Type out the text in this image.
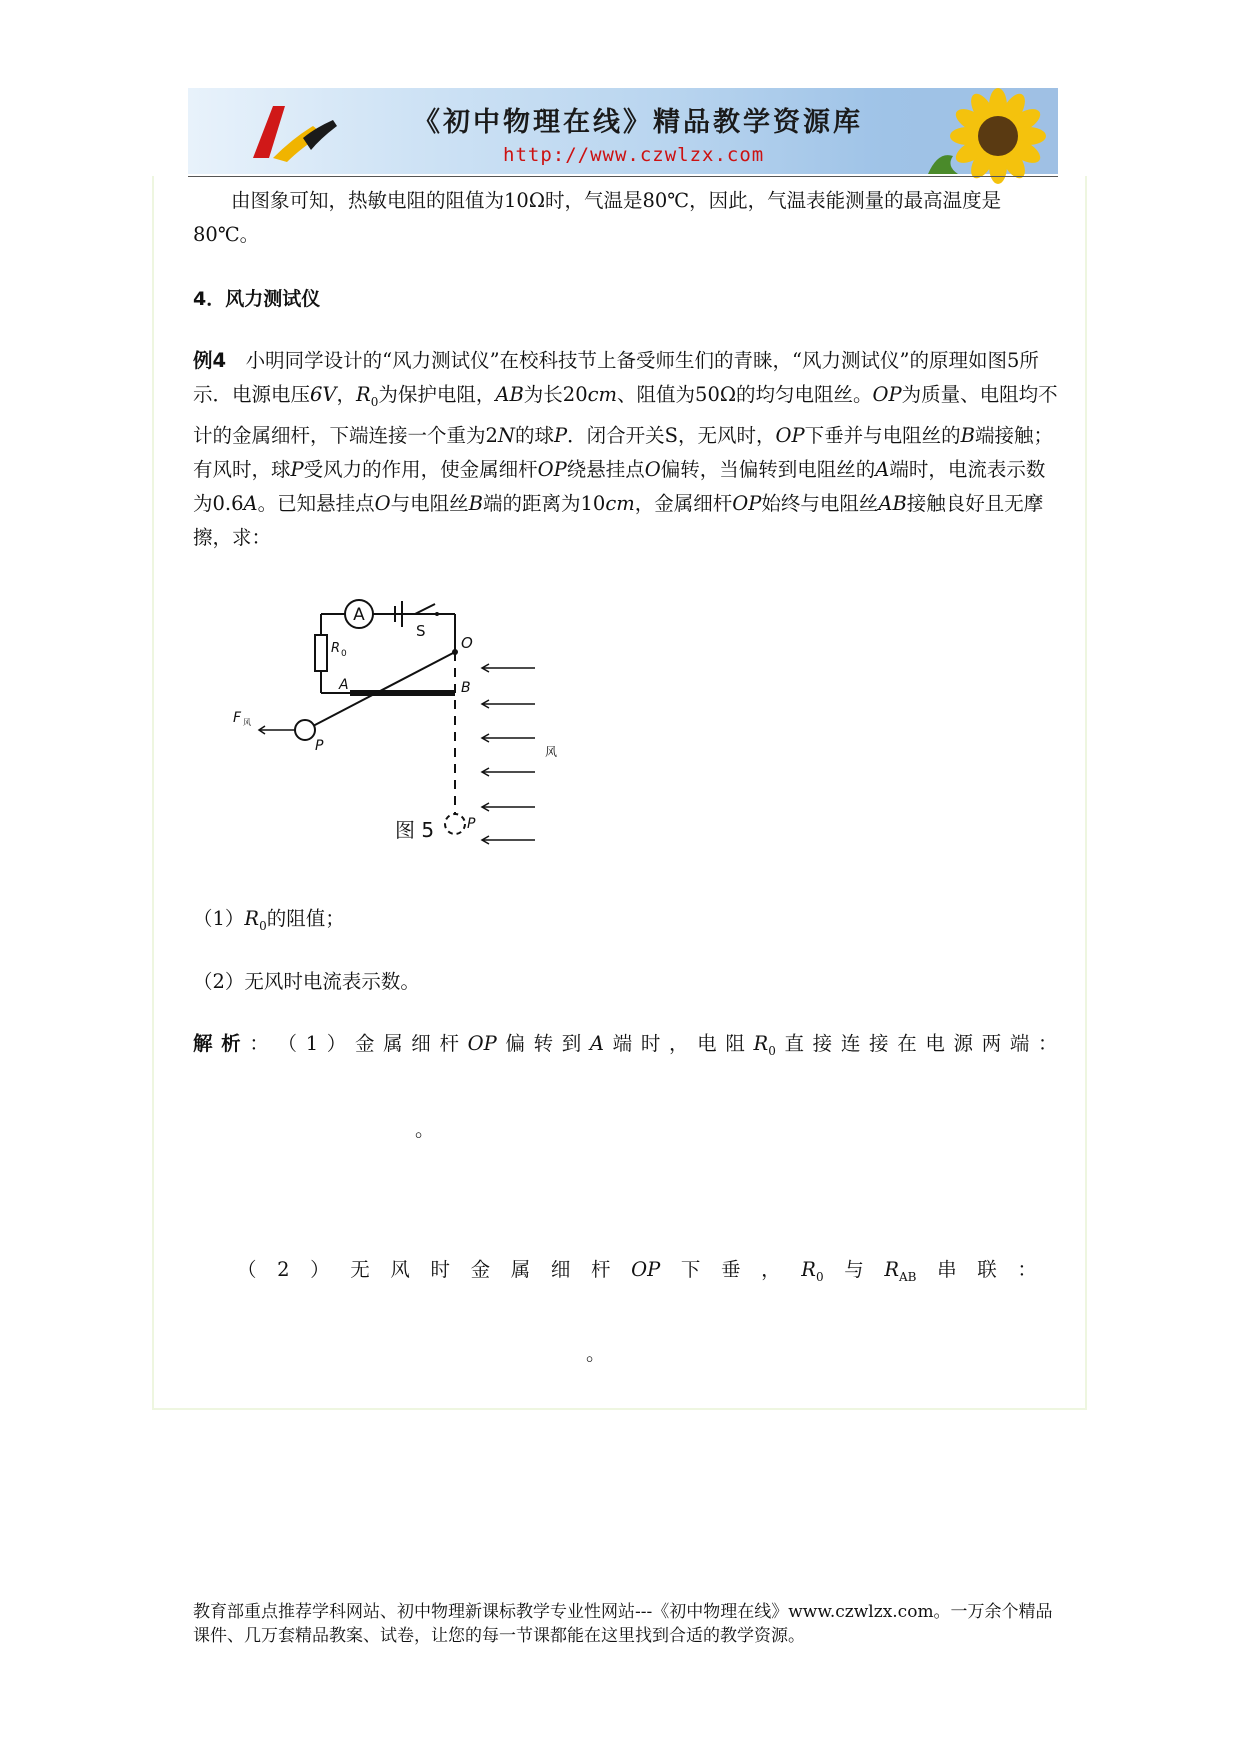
《初中物理在线》精品教学资源库
http://www.czwlzx.com
由图象可知，热敏电阻的阻值为10Ω时，气温是80℃，因此，气温表能测量的最高温度是80℃。
4．风力测试仪
例4　 小明同学设计的“风力测试仪”在校科技节上备受师生们的青睐，“风力测试仪”的原理如图5所示．电源电压6V，$R_0$为保护电阻，AB为长20cm、阻值为50Ω的均匀电阻丝。OP为质量、电阻均不计的金属细杆，下端连接一个重为2N的球P．闭合开关S，无风时，OP下垂并与电阻丝的B端接触；有风时，球P受风力的作用，使金属细杆OP绕悬挂点O偏转，当偏转到电阻丝的A端时，电流表示数为0.6A。已知悬挂点O与电阻丝B端的距离为10cm，金属细杆OP始终与电阻丝AB接触良好且无摩擦，求：
A
S
O
R 0
A	B
P
F 风
P
风
图 5
$(1)R_0$的阻值；
（2）无风时电流表示数。
解 析 ： （ 1 ） 金 属 细 杆 OP 偏 转 到 A 端 时 ， 电 阻 $R_0$ 直 接 连 接 在 电 源 两 端 ：
。
（ 2 ） 无 风 时 金 属 细 杆 OP 下 垂 ， $R_0$ 与 $R_{AB}$ 串 联 ：
。
教育部重点推荐学科网站、初中物理新课标教学专业性网站---《初中物理在线》www.czwlzx.com。一万余个精品课件、几万套精品教案、试卷，让您的每一节课都能在这里找到合适的教学资源。
